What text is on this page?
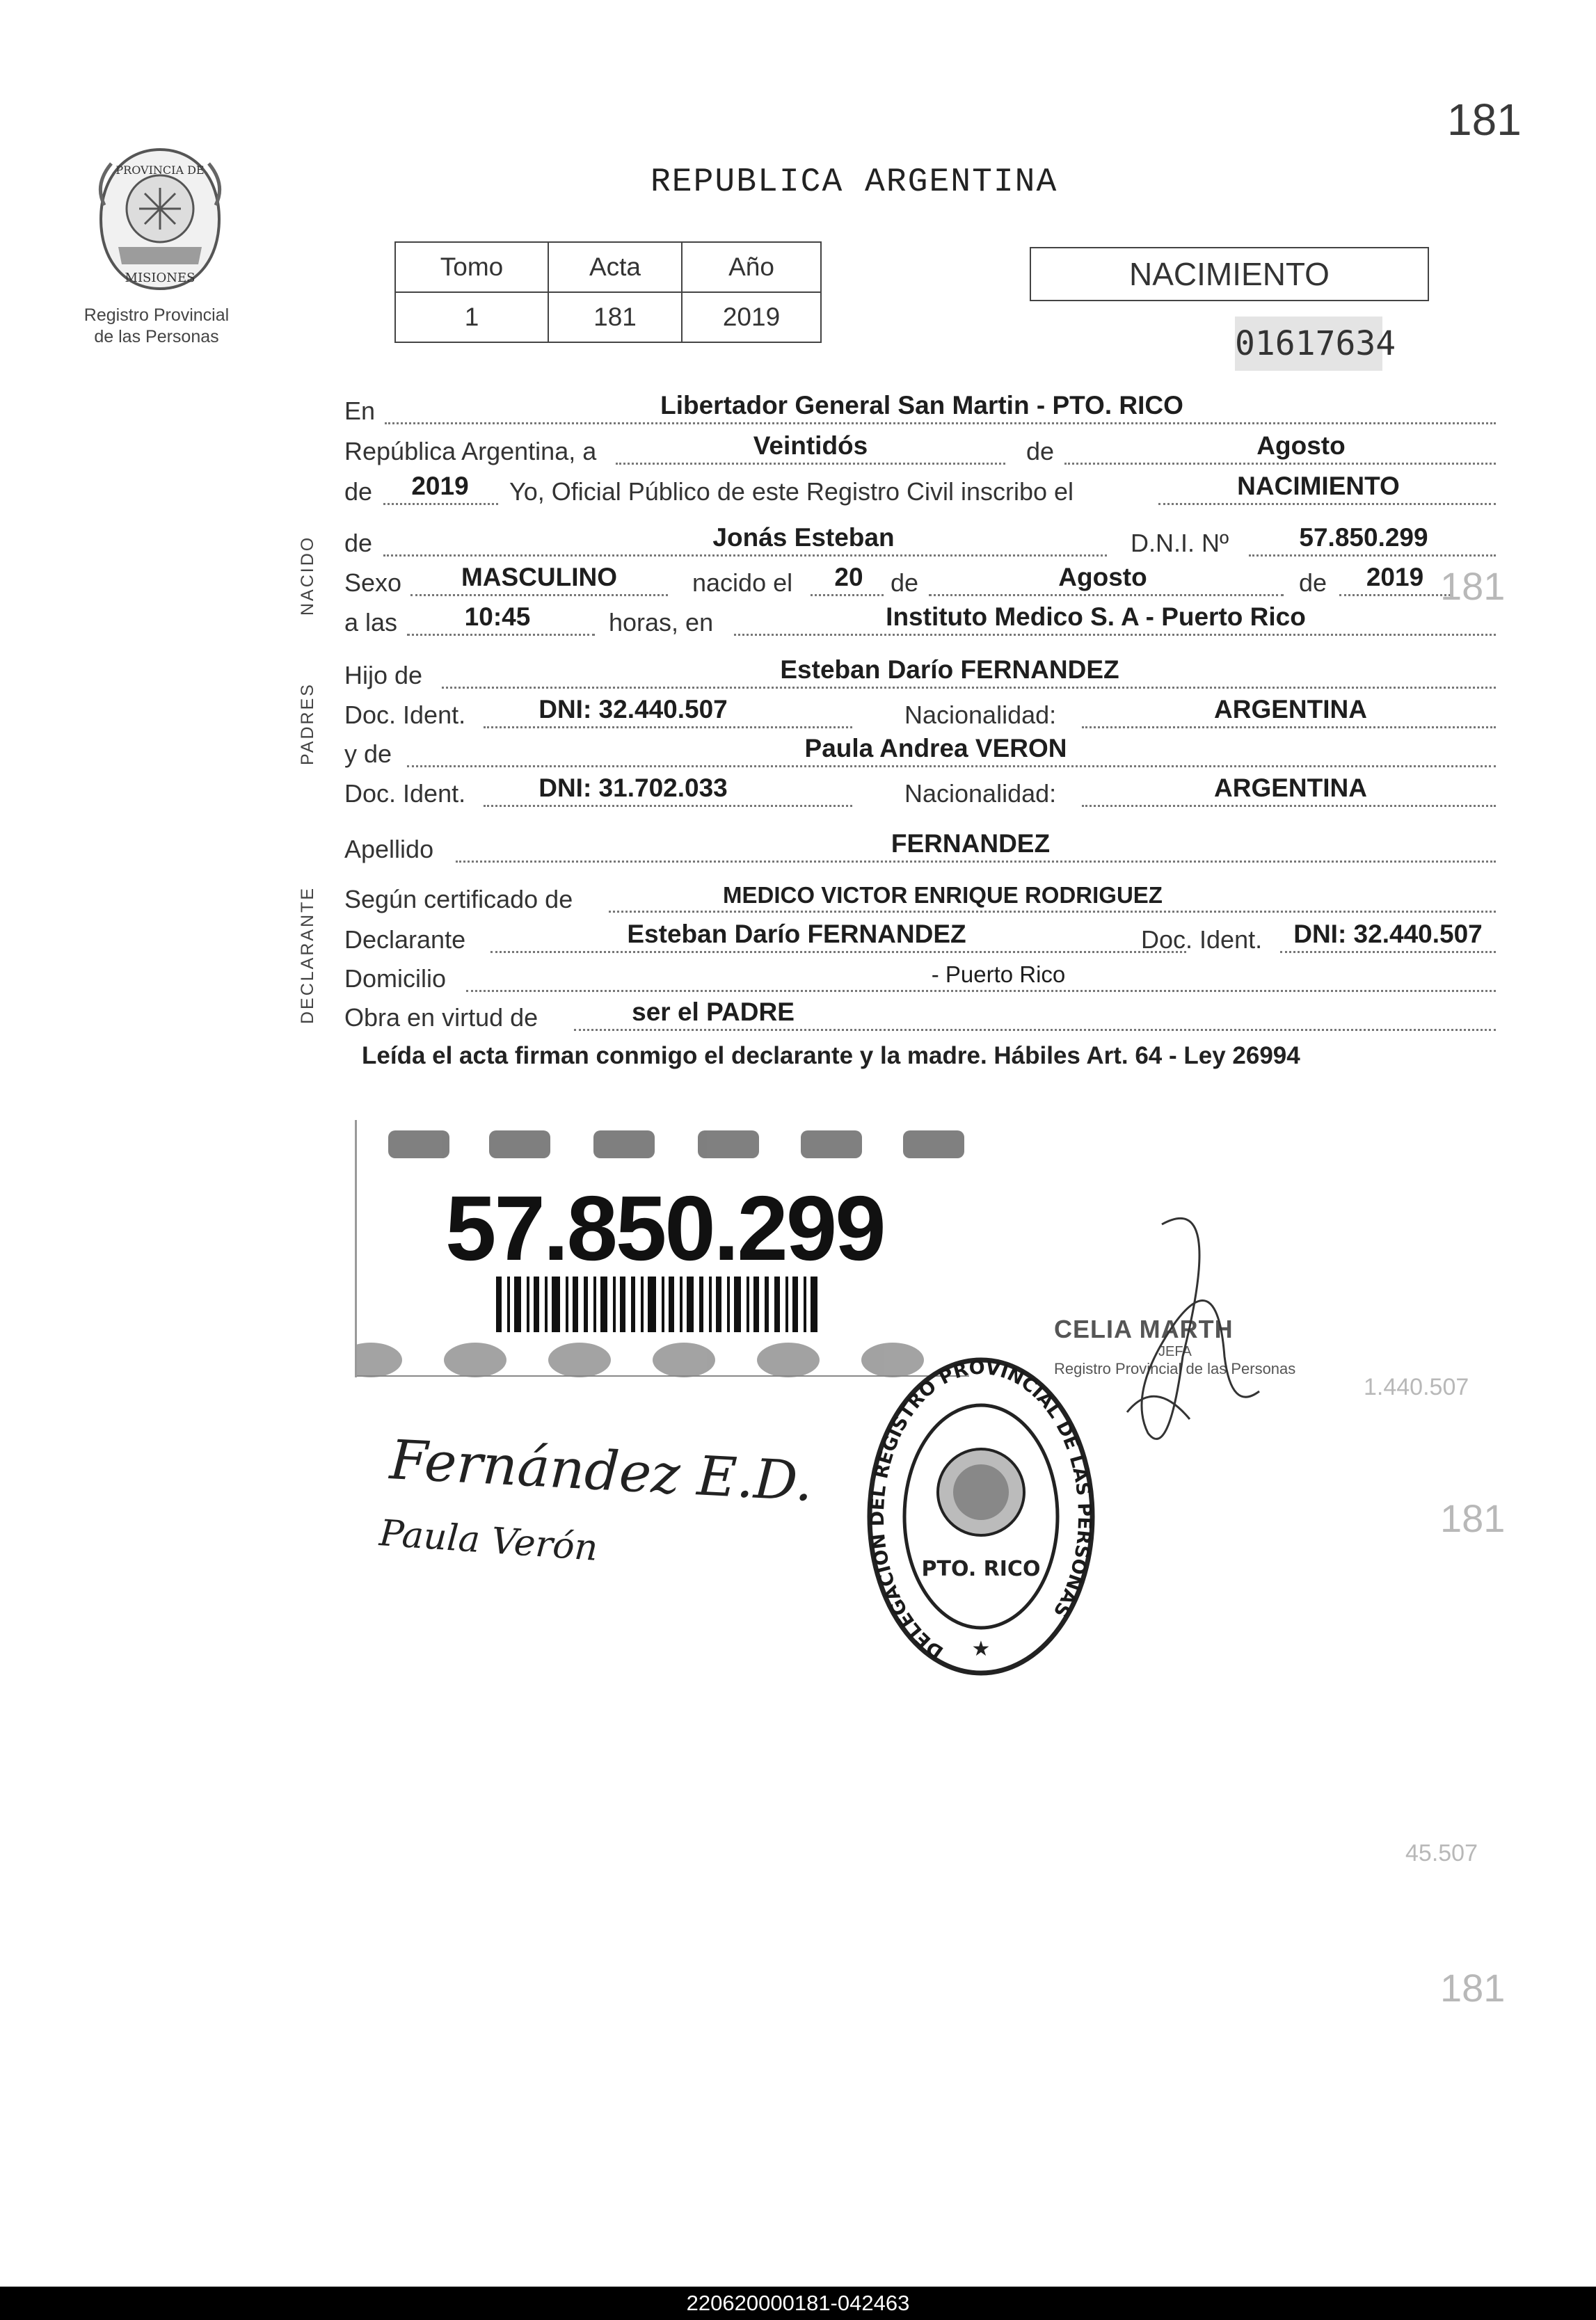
181
PROVINCIA DE
MISIONES
Registro Provincial
de las Personas
REPUBLICA ARGENTINA
Tomo	Acta	Año
1	181	2019
NACIMIENTO
01617634
NACIDO
PADRES
DECLARANTE
En	Libertador General San Martin - PTO. RICO
República Argentina, a	Veintidós	de	Agosto
de	2019	Yo, Oficial Público de este Registro Civil inscribo el	NACIMIENTO
de	Jonás Esteban	D.N.I. Nº	57.850.299
Sexo	MASCULINO	nacido el	20	de	Agosto	de	2019
a las	10:45	horas, en	Instituto Medico S. A - Puerto Rico
Hijo de	Esteban Darío FERNANDEZ
Doc. Ident.	DNI: 32.440.507	Nacionalidad:	ARGENTINA
y de	Paula Andrea VERON
Doc. Ident.	DNI: 31.702.033	Nacionalidad:	ARGENTINA
Apellido	FERNANDEZ
Según certificado de	MEDICO VICTOR ENRIQUE RODRIGUEZ
Declarante	Esteban Darío FERNANDEZ	Doc. Ident.	DNI: 32.440.507
Domicilio	- Puerto Rico
Obra en virtud de	ser el PADRE
Leída el acta firman conmigo el declarante y la madre. Hábiles Art. 64 - Ley 26994
57.850.299
CELIA MARTH
JEFA
Registro Provincial de las Personas
DELEGACION DEL REGISTRO PROVINCIAL DE LAS PERSONAS
PTO. RICO
★
Fernández E.D.
Paula Verón
181
1.440.507
181
45.507
181
220620000181-042463
